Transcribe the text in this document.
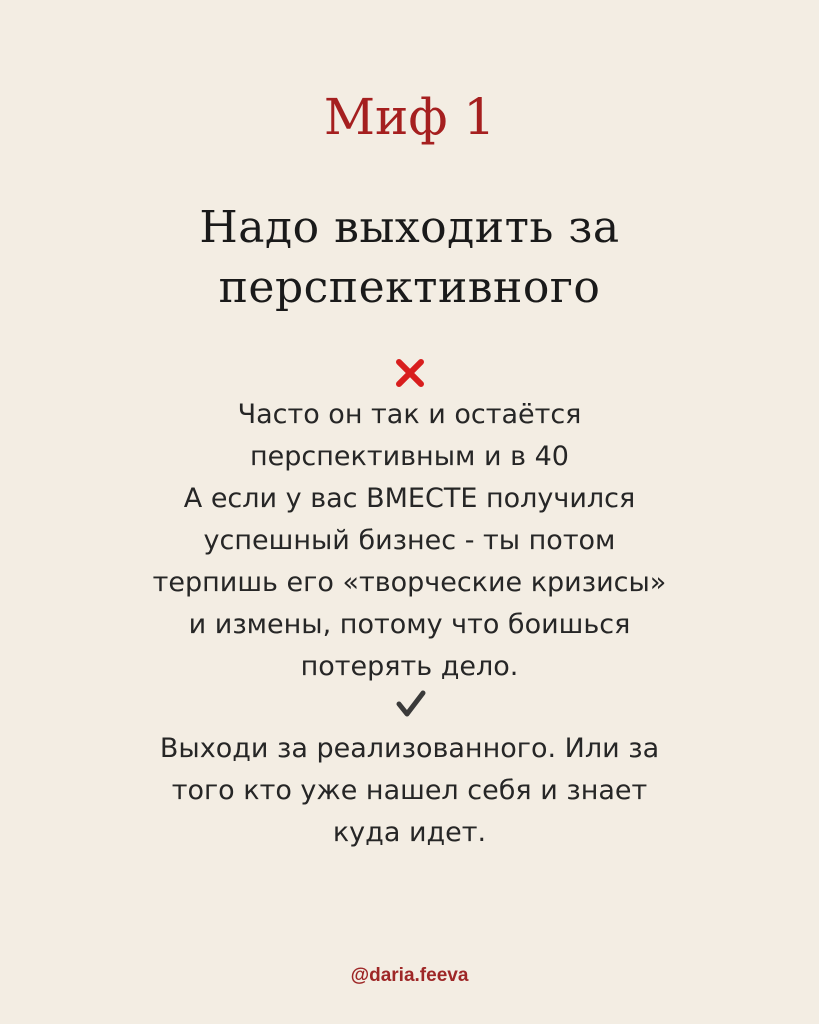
Миф 1
Надо выходить за
перспективного
Часто он так и остаётся
перспективным и в 40
А если у вас ВМЕСТЕ получился
успешный бизнес - ты потом
терпишь его «творческие кризисы»
и измены, потому что боишься
потерять дело.
Выходи за реализованного. Или за
того кто уже нашел себя и знает
куда идет.
@daria.feeva
